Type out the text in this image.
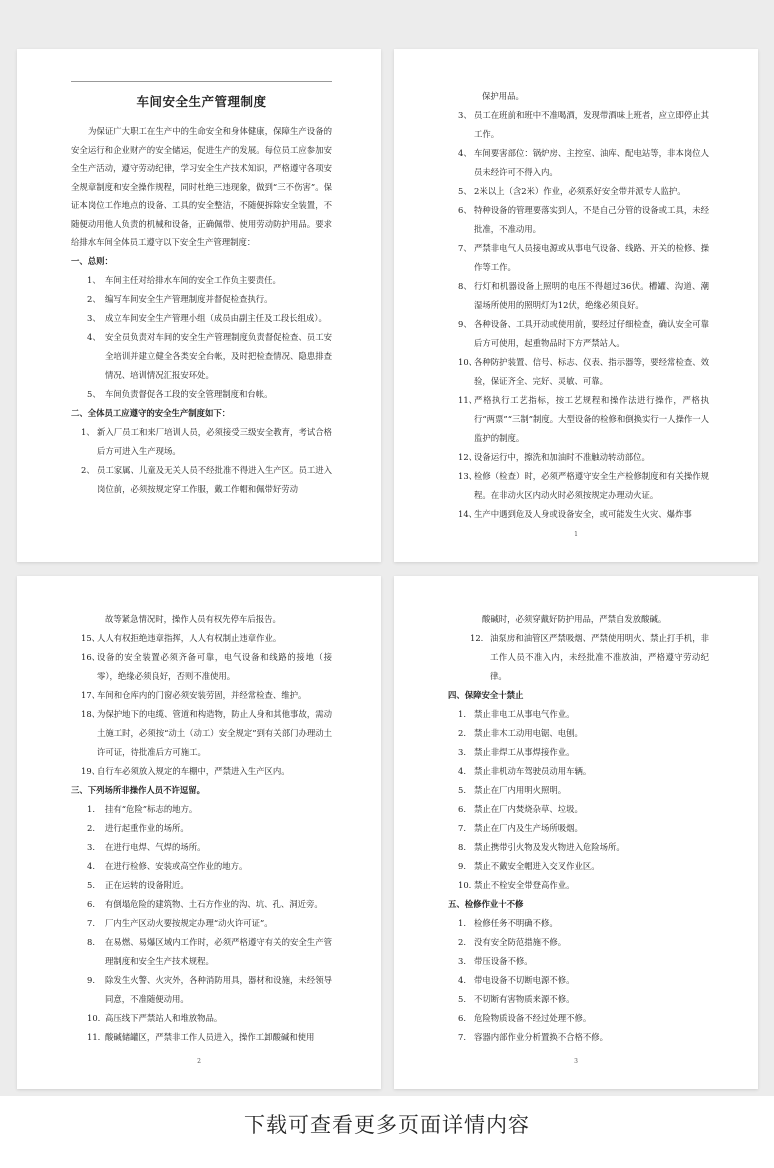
车间安全生产管理制度

为保证广大职工在生产中的生命安全和身体健康，保障生产设备的安全运行和企业财产的安全储运，促进生产的发展。每位员工应参加安全生产活动，遵守劳动纪律，学习安全生产技术知识，严格遵守各项安全规章制度和安全操作规程，同时杜绝三违现象，做到“三不伤害”。保证本岗位工作地点的设备、工具的安全整洁，不随便拆除安全装置，不随便动用他人负责的机械和设备，正确佩带、使用劳动防护用品。要求给排水车间全体员工遵守以下安全生产管理制度：

一、总则：

1、 车间主任对给排水车间的安全工作负主要责任。

2、 编写车间安全生产管理制度并督促检查执行。

3、 成立车间安全生产管理小组（成员由副主任及工段长组成）。

4、 安全员负责对车间的安全生产管理制度负责督促检查、员工安全培训并建立健全各类安全台帐，及时把检查情况、隐患排查情况、培训情况汇报安环处。

5、 车间负责督促各工段的安全管理制度和台帐。

二、全体员工应遵守的安全生产制度如下：

1、 新入厂员工和来厂培训人员，必须接受三级安全教育，考试合格后方可进入生产现场。

2、 员工家属、儿童及无关人员不经批准不得进入生产区。员工进入岗位前，必须按规定穿工作服，戴工作帽和佩带好劳动

保护用品。

3、 员工在班前和班中不准喝酒，发现带酒味上班者，应立即停止其工作。

4、 车间要害部位：锅炉房、主控室、油库、配电站等，非本岗位人员未经许可不得入内。

5、 2米以上（含2米）作业，必须系好安全带并派专人监护。

6、 特种设备的管理要落实到人，不是自己分管的设备或工具，未经批准，不准动用。

7、 严禁非电气人员接电源或从事电气设备、线路、开关的检修、操作等工作。

8、 行灯和机器设备上照明的电压不得超过36伏。槽罐、沟道、潮湿场所使用的照明灯为12伏，绝缘必须良好。

9、 各种设备、工具开动或使用前，要经过仔细检查，确认安全可靠后方可使用，起重物品时下方严禁站人。

10、
各种防护装置、信号、标志、仪表、指示器等，要经常检查、效验，保证齐全、完好、灵敏、可靠。

11、
严格执行工艺指标，按工艺规程和操作法进行操作，严格执行“两票”“三制”制度。大型设备的检修和倒换实行一人操作一人监护的制度。

12、
设备运行中，擦洗和加油时不准触动转动部位。

13、
检修（检查）时，必须严格遵守安全生产检修制度和有关操作规程。在非动火区内动火时必须按规定办理动火证。

14、
生产中遇到危及人身或设备安全，或可能发生火灾、爆炸事

1

故等紧急情况时，操作人员有权先停车后报告。

15、
人人有权拒绝违章指挥，人人有权制止违章作业。

16、
设备的安全装置必须齐备可靠，电气设备和线路的接地（接零），绝缘必须良好，否则不准使用。

17、
车间和仓库内的门窗必须安装劳固，并经常检查、维护。

18、
为保护地下的电缆、管道和构造物，防止人身和其他事故，需动土施工时，必须按“动土（动工）安全规定”到有关部门办理动土许可证，待批准后方可施工。

19、
自行车必须放入规定的车棚中，严禁进入生产区内。

三、下列场所非操作人员不许逗留。

1. 挂有“危险”标志的地方。

2. 进行起重作业的场所。

3. 在进行电焊、气焊的场所。

4. 在进行检修、安装或高空作业的地方。

5. 正在运转的设备附近。

6. 有倒塌危险的建筑物、土石方作业的沟、坑、孔、洞近旁。

7. 厂内生产区动火要按规定办理“动火许可证”。

8. 在易燃、易爆区域内工作时，必须严格遵守有关的安全生产管理制度和安全生产技术规程。

9. 除发生火警、火灾外，各种消防用具，器材和设施，未经领导同意，不准随便动用。

10. 高压线下严禁站人和堆放物品。

11. 酸碱储罐区，严禁非工作人员进入，操作工卸酸碱和使用

2

酸碱时，必须穿戴好防护用品，严禁自发放酸碱。

12. 油泵房和油管区严禁吸烟、严禁使用明火、禁止打手机，非工作人员不准入内，未经批准不准放油，严格遵守劳动纪律。

四、保障安全十禁止

1. 禁止非电工从事电气作业。

2. 禁止非木工动用电锯、电刨。

3. 禁止非焊工从事焊接作业。

4. 禁止非机动车驾驶员动用车辆。

5. 禁止在厂内用明火照明。

6. 禁止在厂内焚烧杂草、垃圾。

7. 禁止在厂内及生产场所吸烟。

8. 禁止携带引火物及发火物进入危险场所。

9. 禁止不戴安全帽进入交叉作业区。

10. 禁止不栓安全带登高作业。

五、检修作业十不修

1. 检修任务不明确不修。

2. 没有安全防范措施不修。

3. 带压设备不修。

4. 带电设备不切断电源不修。

5. 不切断有害物质来源不修。

6. 危险物质设备不经过处理不修。

7. 容器内部作业分析置换不合格不修。

3
下载可查看更多页面详情内容
